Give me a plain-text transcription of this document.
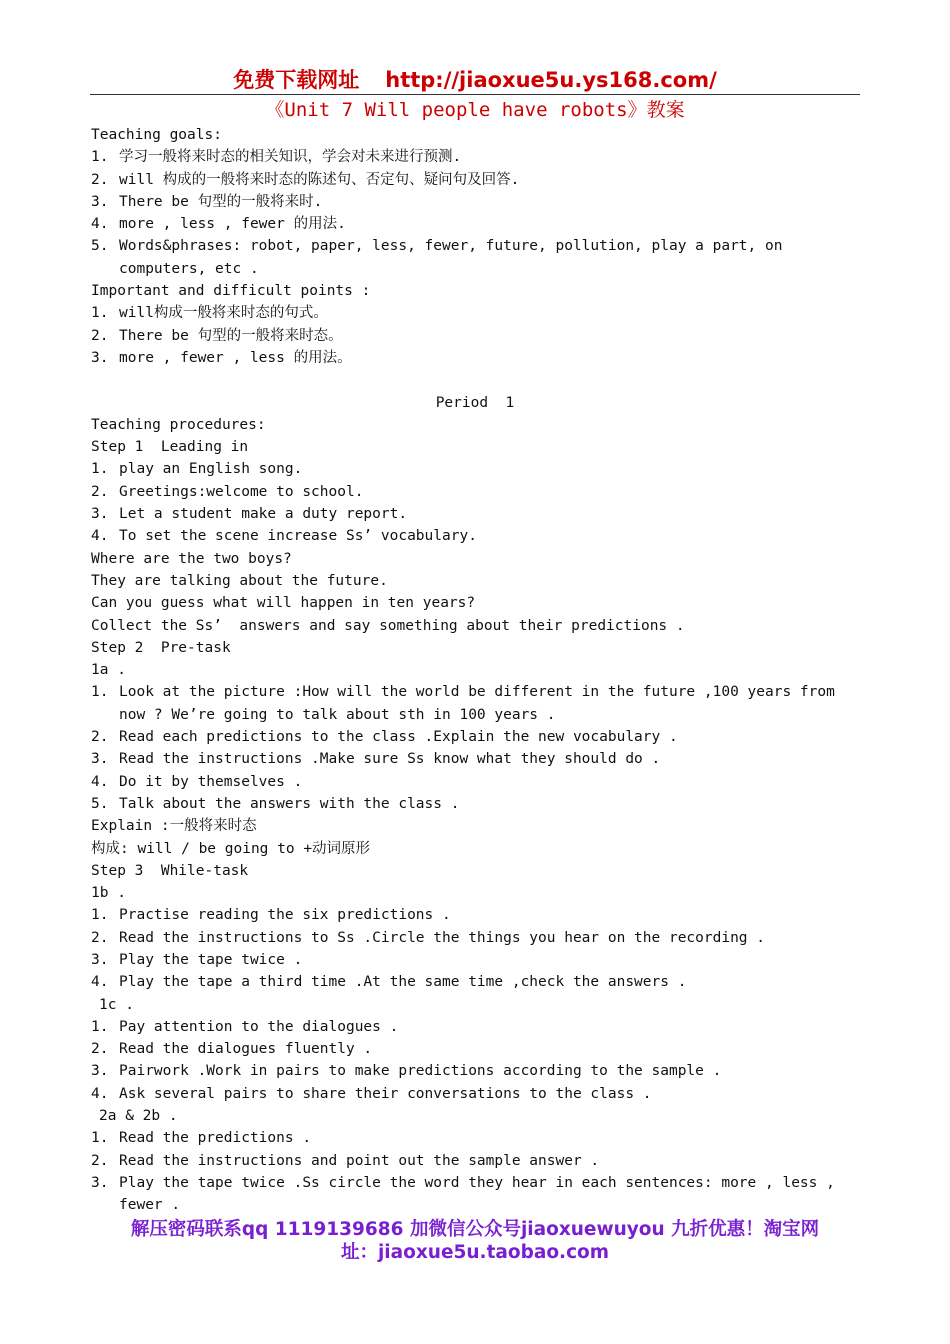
免费下载网址 http://jiaoxue5u.ys168.com/
《Unit 7 Will people have robots》教案
Teaching goals:
1. 学习一般将来时态的相关知识，学会对未来进行预测.
2. will 构成的一般将来时态的陈述句、否定句、疑问句及回答.
3. There be 句型的一般将来时.
4. more , less , fewer 的用法.
5. Words&phrases: robot, paper, less, fewer, future, pollution, play a part, on computers, etc .
Important and difficult points :
1. will构成一般将来时态的句式。
2. There be 句型的一般将来时态。
3. more , fewer , less 的用法。
Period  1
Teaching procedures:
Step 1  Leading in
1. play an English song.
2. Greetings:welcome to school.
3. Let a student make a duty report.
4. To set the scene increase Ss’ vocabulary.
Where are the two boys?
They are talking about the future.
Can you guess what will happen in ten years?
Collect the Ss’  answers and say something about their predictions .
Step 2  Pre-task
1a .
1. Look at the picture :How will the world be different in the future ,100 years from now ? We’re going to talk about sth in 100 years .
2. Read each predictions to the class .Explain the new vocabulary .
3. Read the instructions .Make sure Ss know what they should do .
4. Do it by themselves .
5. Talk about the answers with the class .
Explain :一般将来时态
构成: will / be going to +动词原形
Step 3  While-task
1b .
1. Practise reading the six predictions .
2. Read the instructions to Ss .Circle the things you hear on the recording .
3. Play the tape twice .
4. Play the tape a third time .At the same time ,check the answers .
1c .
1. Pay attention to the dialogues .
2. Read the dialogues fluently .
3. Pairwork .Work in pairs to make predictions according to the sample .
4. Ask several pairs to share their conversations to the class .
2a & 2b .
1. Read the predictions .
2. Read the instructions and point out the sample answer .
3. Play the tape twice .Ss circle the word they hear in each sentences: more , less , fewer .
解压密码联系qq 1119139686 加微信公众号jiaoxuewuyou 九折优惠！淘宝网
址：jiaoxue5u.taobao.com
